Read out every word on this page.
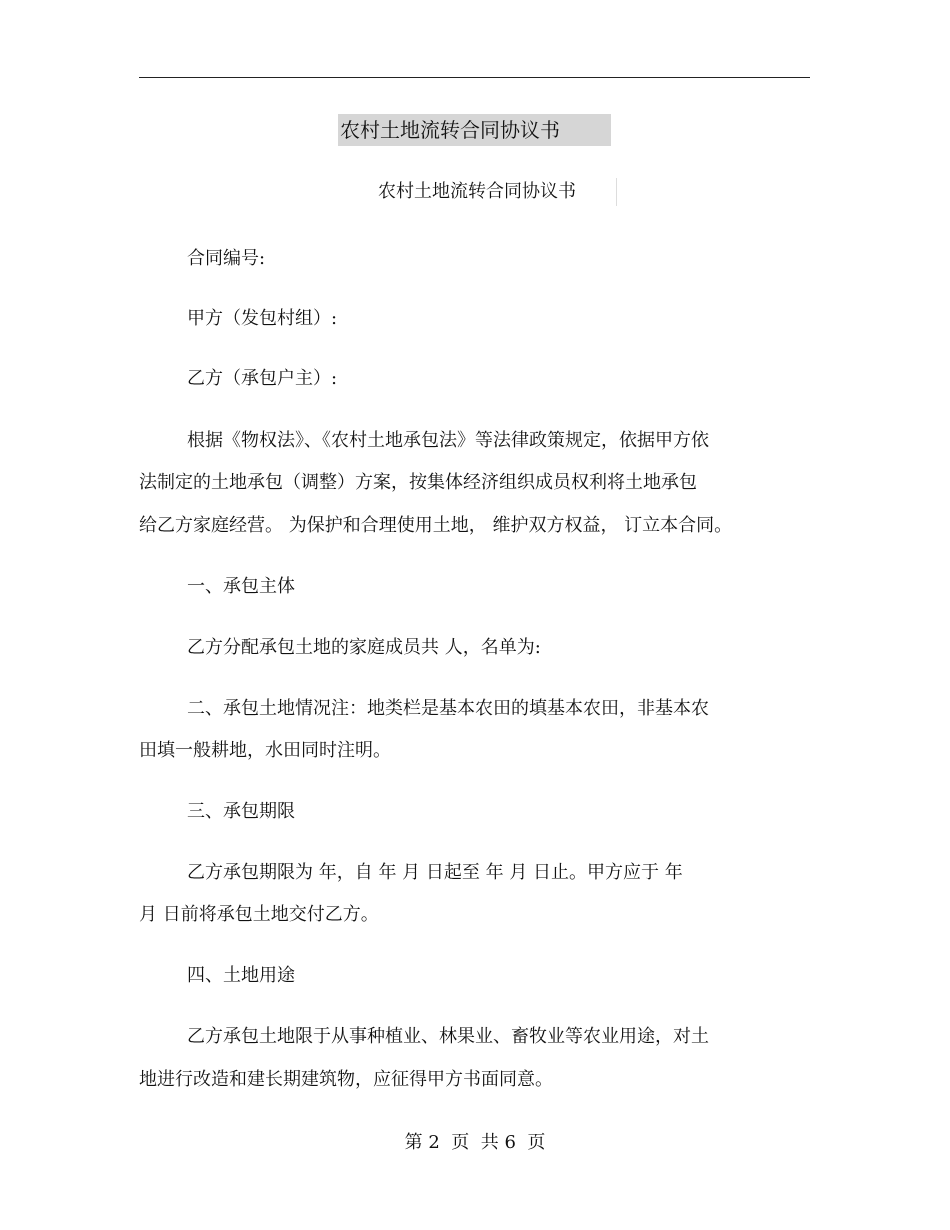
农村土地流转合同协议书
农村土地流转合同协议书
合同编号:
甲方（发包村组）:
乙方（承包户主）:
根据《物权法》、《农村土地承包法》等法律政策规定，依据甲方依
法制定的土地承包（调整）方案，按集体经济组织成员权利将土地承包
给乙方家庭经营。 为保护和合理使用土地， 维护双方权益， 订立本合同。
一、承包主体
乙方分配承包土地的家庭成员共 人，名单为:
二、承包土地情况注：地类栏是基本农田的填基本农田，非基本农
田填一般耕地，水田同时注明。
三、承包期限
乙方承包期限为 年，自 年 月 日起至 年 月 日止。甲方应于 年
月 日前将承包土地交付乙方。
四、土地用途
乙方承包土地限于从事种植业、林果业、畜牧业等农业用途，对土
地进行改造和建长期建筑物，应征得甲方书面同意。
第 2  页  共 6  页
